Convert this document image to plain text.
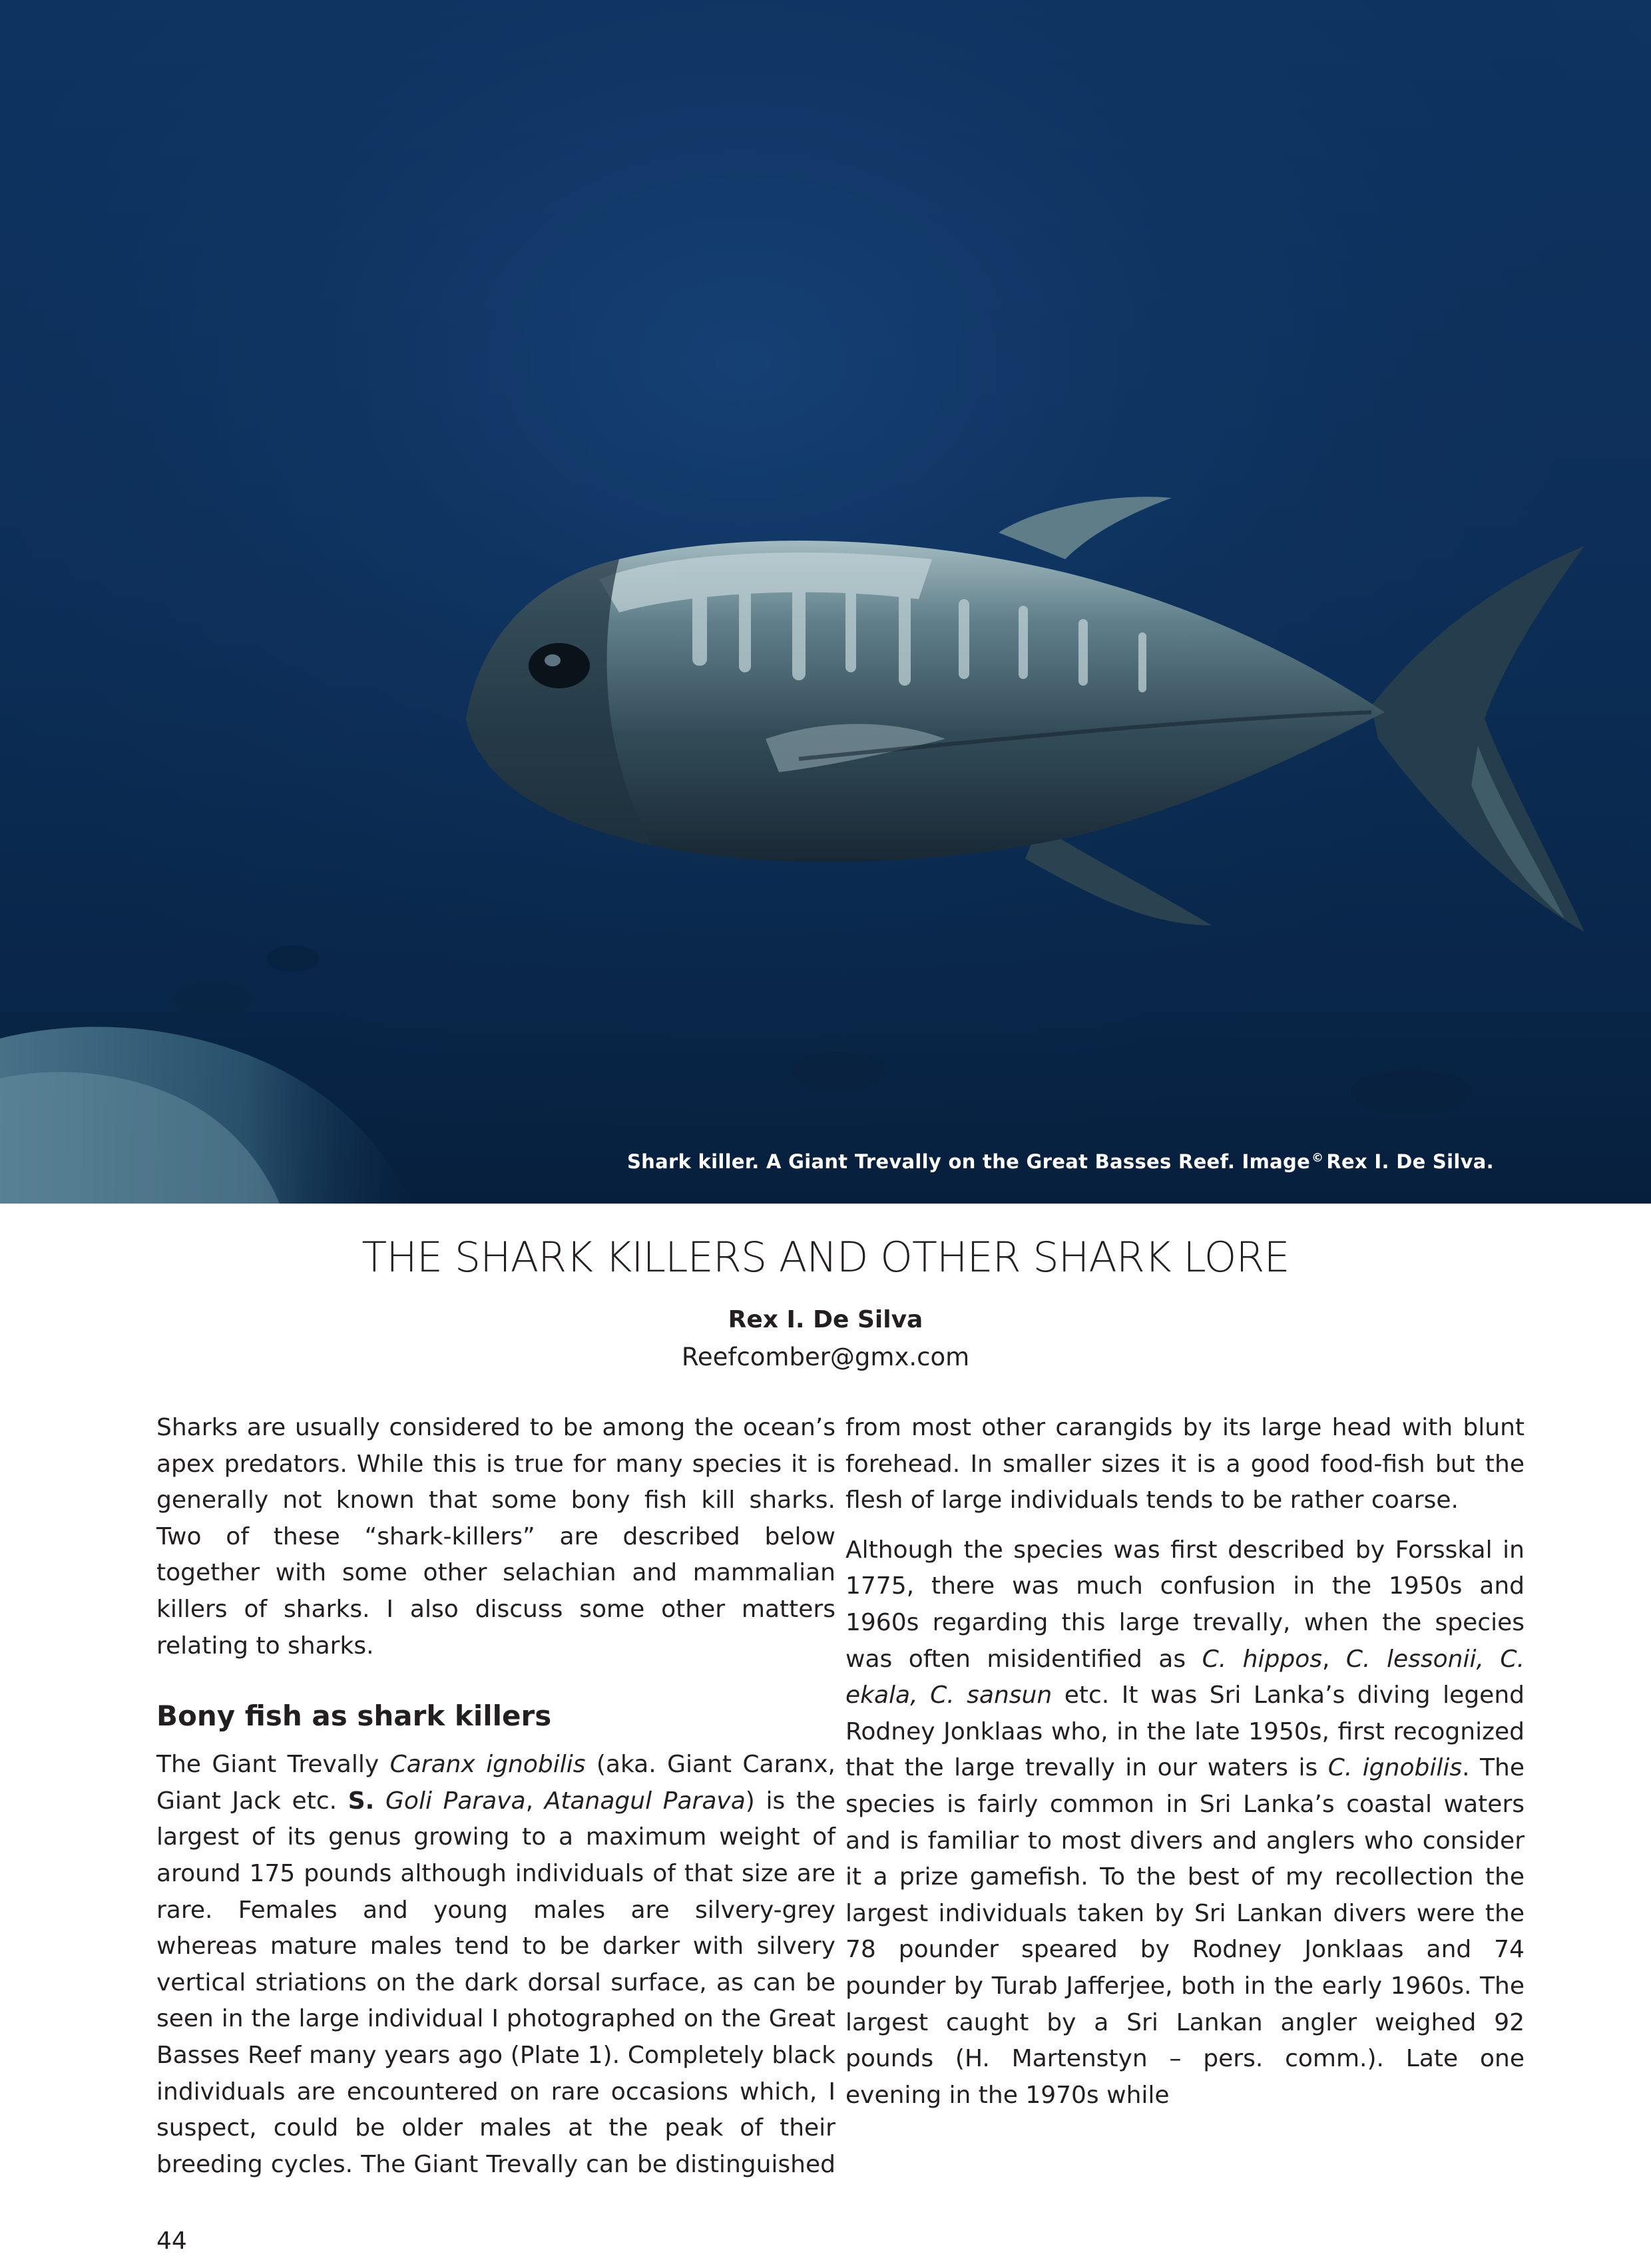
Shark killer. A Giant Trevally on the Great Basses Reef. Image © Rex I. De Silva.
THE SHARK KILLERS AND OTHER SHARK LORE
Rex I. De Silva
Reefcomber@gmx.com

Sharks are usually considered to be among the ocean’s apex predators. While this is true for many species it is generally not known that some bony fish kill sharks. Two of these “shark-killers” are described below together with some other selachian and mammalian killers of sharks. I also discuss some other matters relating to sharks.

Bony fish as shark killers

The Giant Trevally Caranx ignobilis (aka. Giant Caranx, Giant Jack etc. S. Goli Parava, Atanagul Parava) is the largest of its genus growing to a maximum weight of around 175 pounds although individuals of that size are rare. Females and young males are silvery-grey whereas mature males tend to be darker with silvery vertical striations on the dark dorsal surface, as can be seen in the large individual I photographed on the Great Basses Reef many years ago (Plate 1). Completely black individuals are encountered on rare occasions which, I suspect, could be older males at the peak of their breeding cycles. The Giant Trevally can be distinguished

from most other carangids by its large head with blunt forehead. In smaller sizes it is a good food-fish but the flesh of large individuals tends to be rather coarse.

Although the species was first described by Forsskal in 1775, there was much confusion in the 1950s and 1960s regarding this large trevally, when the species was often misidentified as C. hippos, C. lessonii, C. ekala, C. sansun etc. It was Sri Lanka’s diving legend Rodney Jonklaas who, in the late 1950s, first recognized that the large trevally in our waters is C. ignobilis. The species is fairly common in Sri Lanka’s coastal waters and is familiar to most divers and anglers who consider it a prize gamefish. To the best of my recollection the largest individuals taken by Sri Lankan divers were the 78 pounder speared by Rodney Jonklaas and 74 pounder by Turab Jafferjee, both in the early 1960s. The largest caught by a Sri Lankan angler weighed 92 pounds (H. Martenstyn – pers. comm.). Late one evening in the 1970s while

44
